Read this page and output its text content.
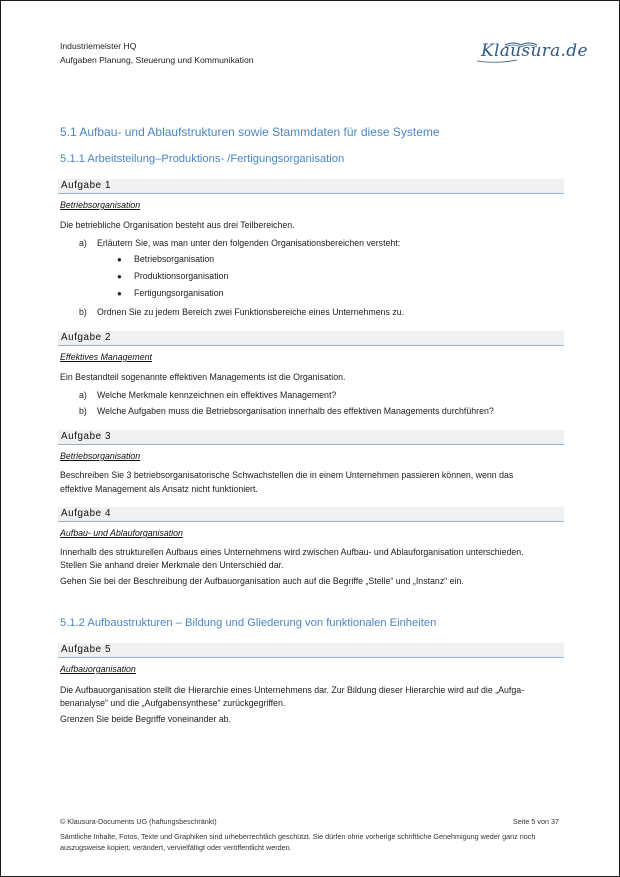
Industriemeister HQ
Aufgaben Planung, Steuerung und Kommunikation	Klausura.de
5.1 Aufbau- und Ablaufstrukturen sowie Stammdaten für diese Systeme
5.1.1 Arbeitsteilung–Produktions- /Fertigungsorganisation
Aufgabe 1
Betriebsorganisation
Die betriebliche Organisation besteht aus drei Teilbereichen.
a) Erläutern Sie, was man unter den folgenden Organisationsbereichen versteht:
● Betriebsorganisation
● Produktionsorganisation
● Fertigungsorganisation
b) Ordnen Sie zu jedem Bereich zwei Funktionsbereiche eines Unternehmens zu.
Aufgabe 2
Effektives Management
Ein Bestandteil sogenannte effektiven Managements ist die Organisation.
a) Welche Merkmale kennzeichnen ein effektives Management?
b) Welche Aufgaben muss die Betriebsorganisation innerhalb des effektiven Managements durchführen?
Aufgabe 3
Betriebsorganisation
Beschreiben Sie 3 betriebsorganisatorische Schwachstellen die in einem Unternehmen passieren können, wenn das
effektive Management als Ansatz nicht funktioniert.
Aufgabe 4
Aufbau- und Ablauforganisation
Innerhalb des strukturellen Aufbaus eines Unternehmens wird zwischen Aufbau- und Ablauforganisation unterschieden.
Stellen Sie anhand dreier Merkmale den Unterschied dar.
Gehen Sie bei der Beschreibung der Aufbauorganisation auch auf die Begriffe „Stelle“ und „Instanz“ ein.
5.1.2 Aufbaustrukturen – Bildung und Gliederung von funktionalen Einheiten
Aufgabe 5
Aufbauorganisation
Die Aufbauorganisation stellt die Hierarchie eines Unternehmens dar. Zur Bildung dieser Hierarchie wird auf die „Aufga-
benanalyse“ und die „Aufgabensynthese“ zurückgegriffen.
Grenzen Sie beide Begriffe voneinander ab.
© Klausura-Documents UG (haftungsbeschränkt)	Seite 5 von 37
Sämtliche Inhalte, Fotos, Texte und Graphiken sind urheberrechtlich geschützt. Sie dürfen ohne vorherige schriftliche Genehmigung weder ganz noch auszugsweise kopiert, verändert, vervielfältigt oder veröffentlicht werden.
